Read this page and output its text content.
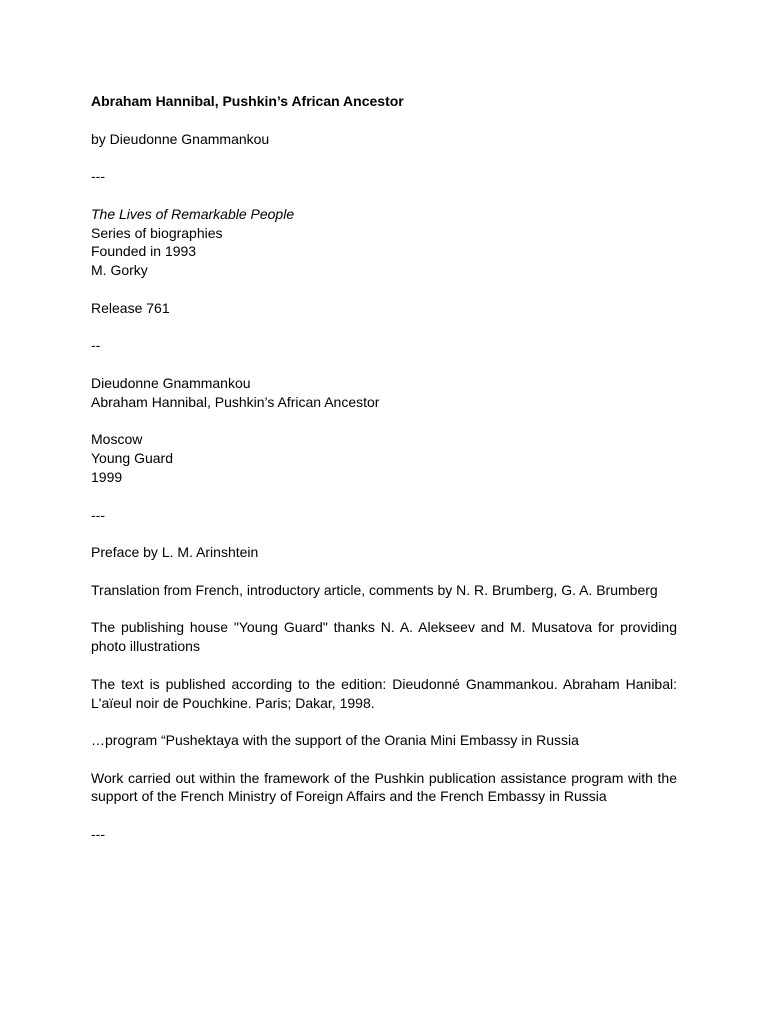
Abraham Hannibal, Pushkin’s African Ancestor
by Dieudonne Gnammankou
---
The Lives of Remarkable People
Series of biographies
Founded in 1993
M. Gorky
Release 761
--
Dieudonne Gnammankou
Abraham Hannibal, Pushkin’s African Ancestor
Moscow
Young Guard
1999
---
Preface by L. M. Arinshtein
Translation from French, introductory article, comments by N. R. Brumberg, G. A. Brumberg
The publishing house "Young Guard" thanks N. A. Alekseev and M. Musatova for providing photo illustrations
The text is published according to the edition: Dieudonné Gnammankou. Abraham Hanibal: L'aïeul noir de Pouchkine. Paris; Dakar, 1998.
…program “Pushektaya with the support of the Orania Mini Embassy in Russia
Work carried out within the framework of the Pushkin publication assistance program with the support of the French Ministry of Foreign Affairs and the French Embassy in Russia
---
